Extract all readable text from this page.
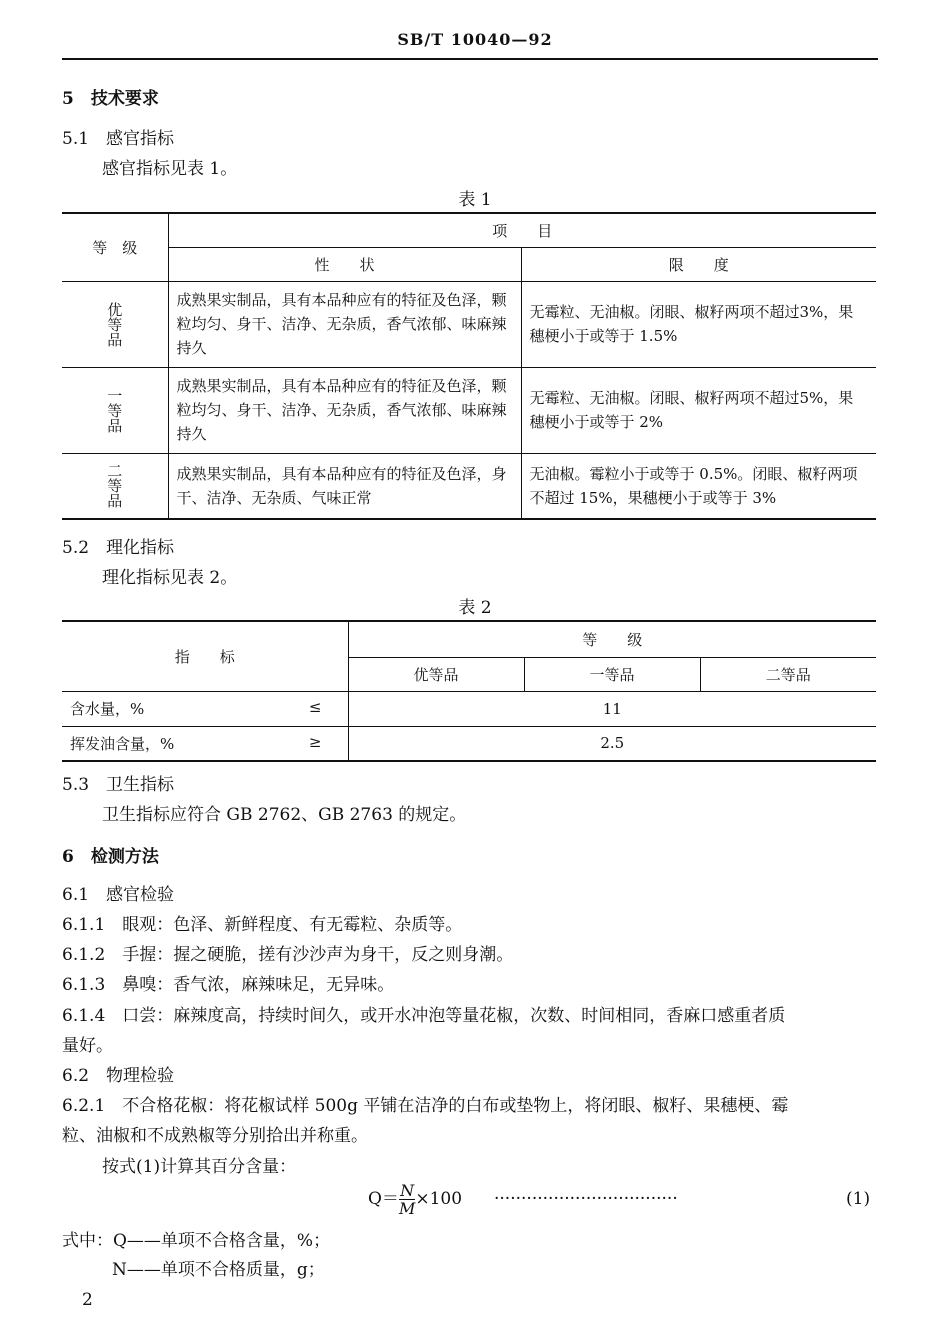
SB/T 10040—92
5　技术要求
5.1　感官指标
感官指标见表 1。
表 1
等　级	项　　目	
	性　　状	限　　度

优等品	成熟果实制品，具有本品种应有的特征及色泽，颗粒均匀、身干、洁净、无杂质，香气浓郁、味麻辣持久	无霉粒、无油椒。闭眼、椒籽两项不超过3%，果穗梗小于或等于 1.5%

一等品	成熟果实制品，具有本品种应有的特征及色泽，颗粒均匀、身干、洁净、无杂质，香气浓郁、味麻辣持久	无霉粒、无油椒。闭眼、椒籽两项不超过5%，果穗梗小于或等于 2%

二等品	成熟果实制品，具有本品种应有的特征及色泽，身干、洁净、无杂质、气味正常	无油椒。霉粒小于或等于 0.5%。闭眼、椒籽两项不超过 15%，果穗梗小于或等于 3%
5.2　理化指标
理化指标见表 2。
表 2
指　　标	等　　级		
	优等品	一等品	二等品
含水量，% ≤	11		
挥发油含量，% ≥	2.5		
5.3　卫生指标
卫生指标应符合 GB 2762、GB 2763 的规定。
6　检测方法
6.1　感官检验
6.1.1　眼观：色泽、新鲜程度、有无霉粒、杂质等。
6.1.2　手握：握之硬脆，搓有沙沙声为身干，反之则身潮。
6.1.3　鼻嗅：香气浓，麻辣味足，无异味。
6.1.4　口尝：麻辣度高，持续时间久，或开水冲泡等量花椒，次数、时间相同，香麻口感重者质
量好。
6.2　物理检验
6.2.1　不合格花椒：将花椒试样 500g 平铺在洁净的白布或垫物上，将闭眼、椒籽、果穗梗、霉
粒、油椒和不成熟椒等分别拾出并称重。
按式(1)计算其百分含量：
$Q= \frac{N}{M} \times 100$ ··································	(1)
式中：Q——单项不合格含量，%；
N——单项不合格质量，g；
2
